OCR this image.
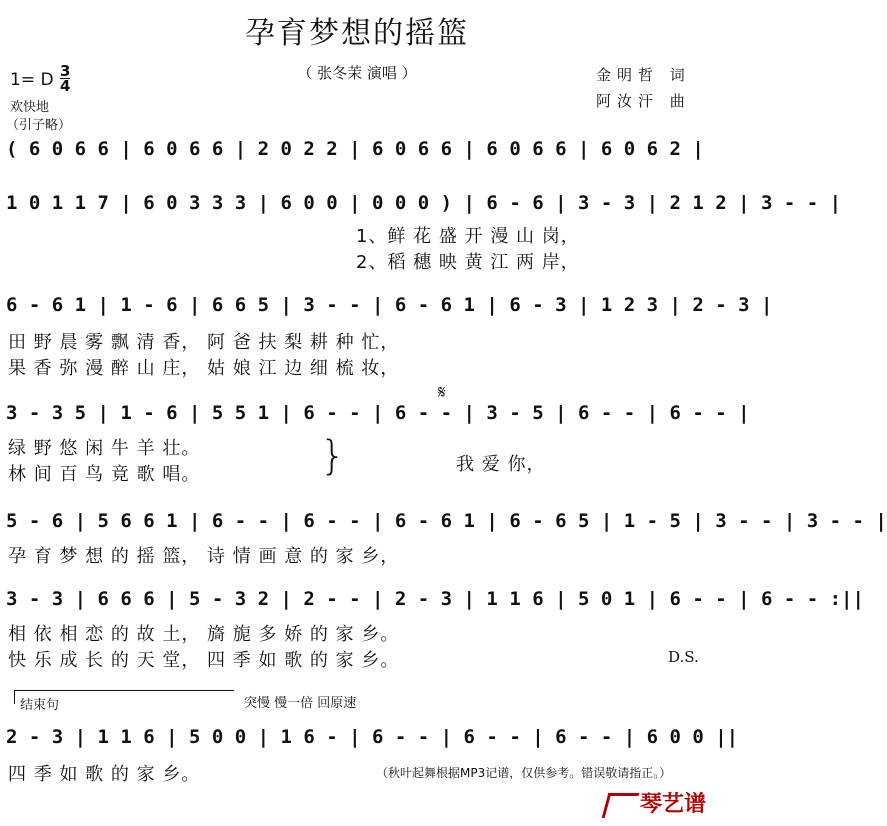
孕育梦想的摇篮
（ 张冬茉 演唱 ）	金明哲 词
阿汝汗 曲
1= D $\frac{3}{4}$
欢快地
（引子略）
( 6 0 6 6 | 6 0 6 6 | 2 0 2 2 | 6 0 6 6 | 6 0 6 6 | 6 0 6 2 |
1 0 1 1 7 | 6 0 3 3 3 | 6 0 0 | 0 0 0 ) | 6 - 6 | 3 - 3 | 2 1 2 | 3 - - |
1、鲜 花 盛 开 漫 山 岗，
2、稻 穗 映 黄 江 两 岸，
6 - 6 1 | 1 - 6 | 6 6 5 | 3 - - | 6 - 6 1 | 6 - 3 | 1 2 3 | 2 - 3 |
田 野 晨 雾 飘 清 香， 阿 爸 扶 梨 耕 种 忙，
果 香 弥 漫 醉 山 庄， 姑 娘 江 边 细 梳 妆，
𝄋
3 - 3 5 | 1 - 6 | 5 5 1 | 6 - - | 6 - - | 3 - 5 | 6 - - | 6 - - |
绿 野 悠 闲 牛 羊 壮。
林 间 百 鸟 竟 歌 唱。	}	我 爱 你，
5 - 6 | 5 6 6 1 | 6 - - | 6 - - | 6 - 6 1 | 6 - 6 5 | 1 - 5 | 3 - - | 3 - - |
孕 育 梦 想 的 摇 篮， 诗 情 画 意 的 家 乡，
3 - 3 | 6 6 6 | 5 - 3 2 | 2 - - | 2 - 3 | 1 1 6 | 5 0 1 | 6 - - | 6 - - :||
相 依 相 恋 的 故 土， 旖 旎 多 娇 的 家 乡。
快 乐 成 长 的 天 堂， 四 季 如 歌 的 家 乡。	D.S.
结束句	突慢 慢一倍 回原速
2 - 3 | 1 1 6 | 5 0 0 | 1 6 - | 6 - - | 6 - - | 6 - - | 6 0 0 ||
四 季 如 歌 的 家 乡。	（秋叶起舞根据MP3记谱，仅供参考。错误敬请指正。）
琴艺谱
